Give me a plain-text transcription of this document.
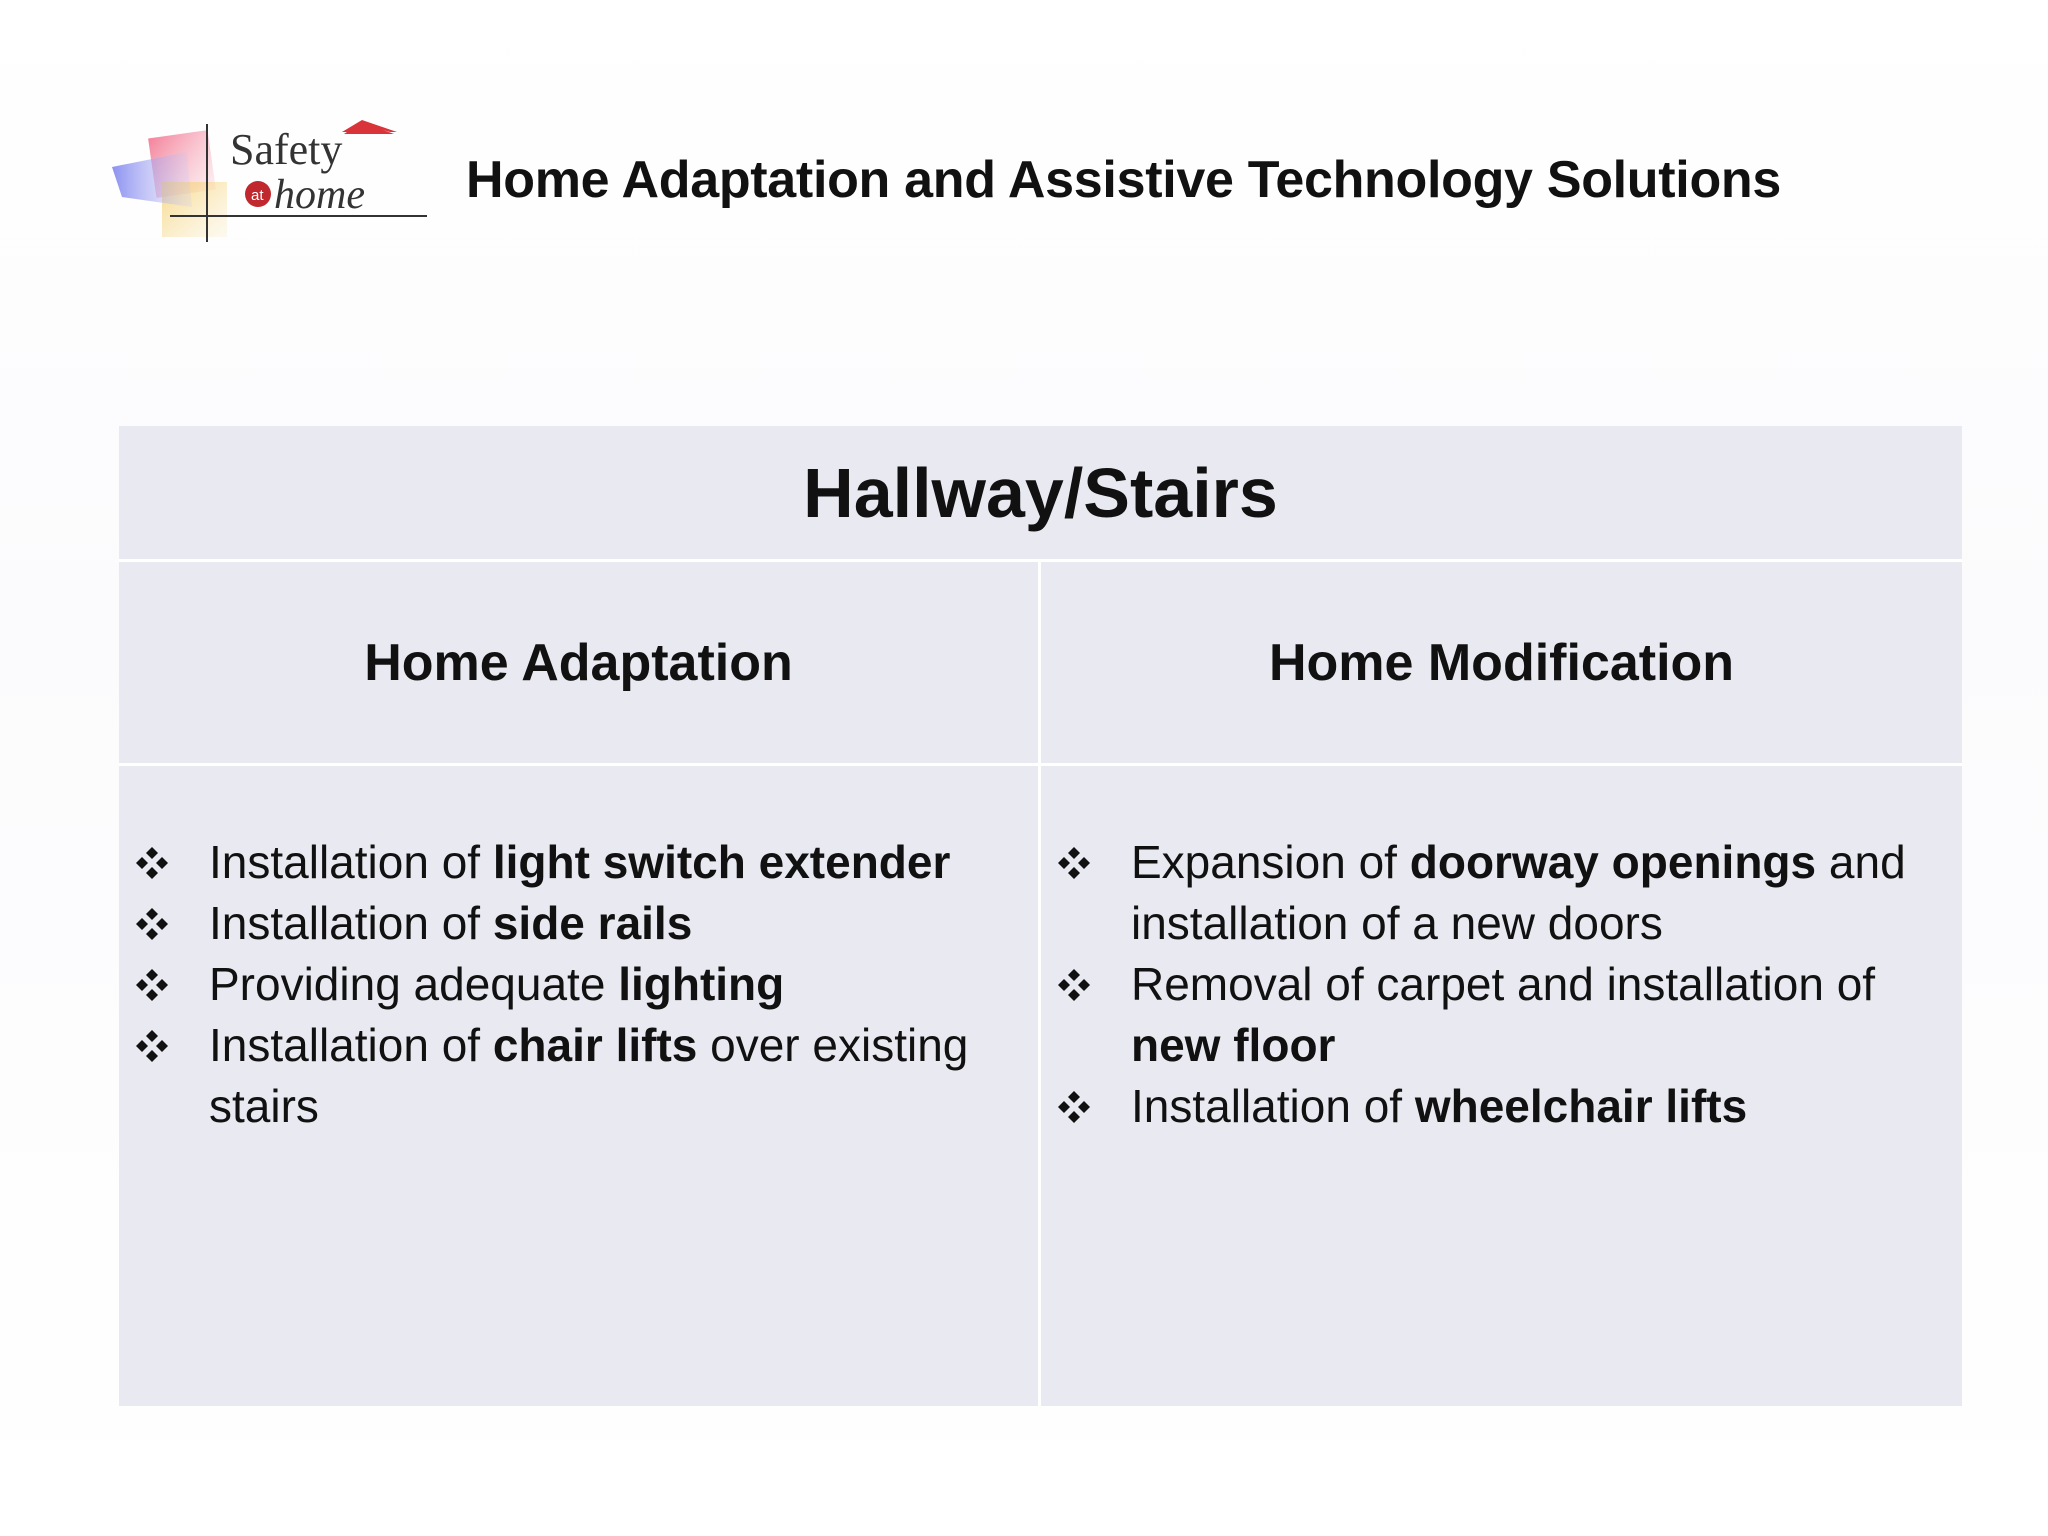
Safety
at home Home Adaptation and Assistive Technology Solutions
Hallway/Stairs
Home Adaptation
Installation of light switch extender
Installation of side rails
Providing adequate lighting
Installation of chair lifts over existing stairs
Home Modification
Expansion of doorway openings and installation of a new doors
Removal of carpet and installation of new floor
Installation of wheelchair lifts
